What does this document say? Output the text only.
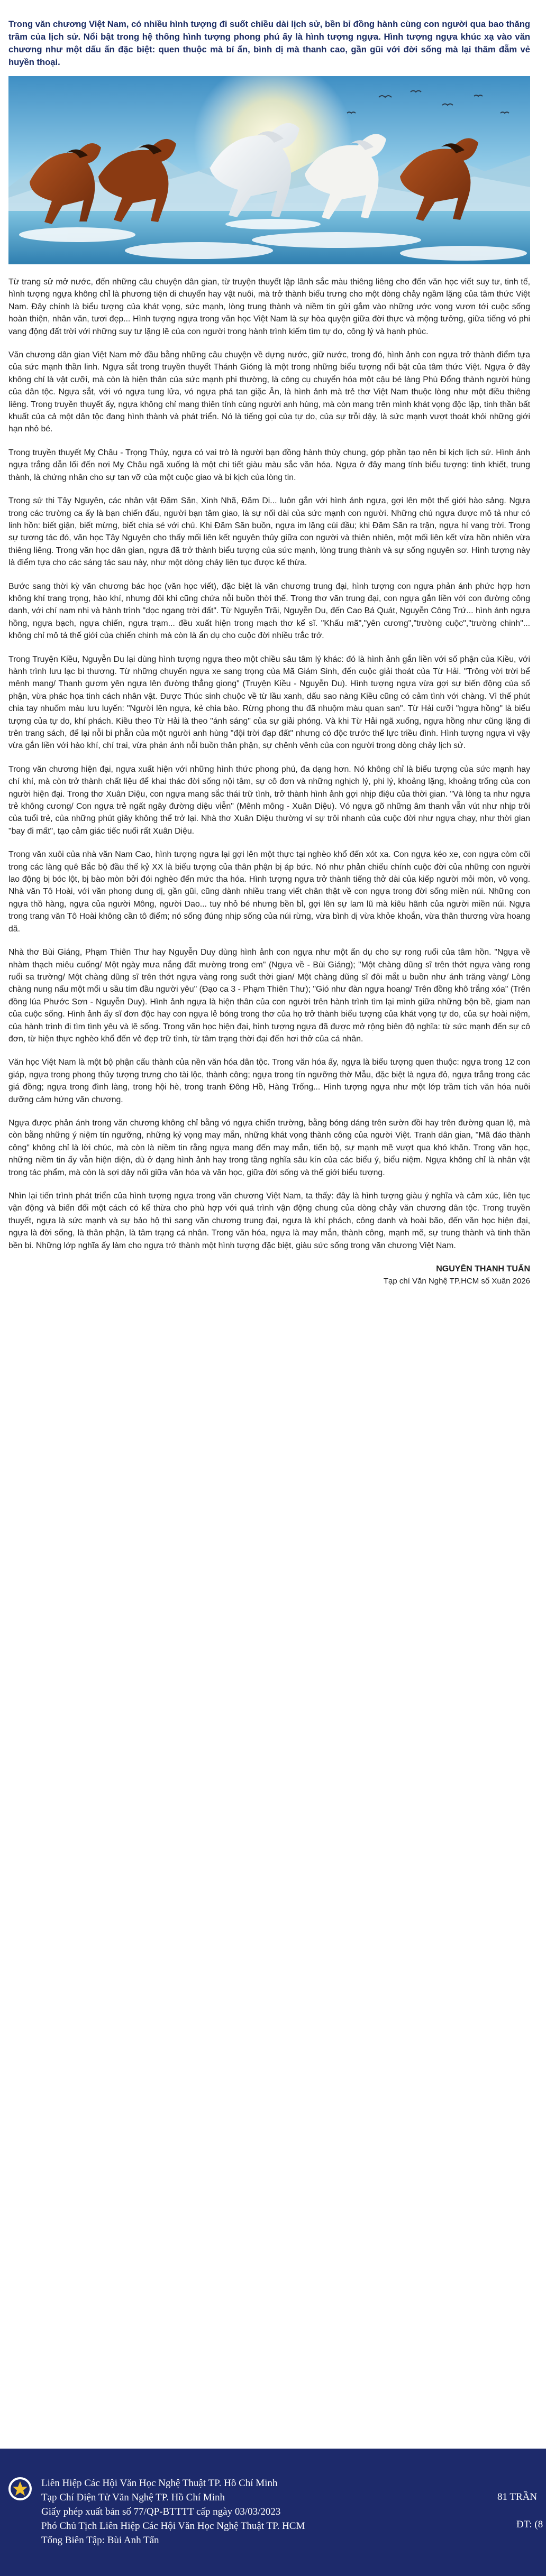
Trong văn chương Việt Nam, có nhiều hình tượng đi suốt chiều dài lịch sử, bền bỉ đồng hành cùng con người qua bao thăng trầm của lịch sử. Nổi bật trong hệ thống hình tượng phong phú ấy là hình tượng ngựa. Hình tượng ngựa khúc xạ vào văn chương như một dấu ấn đặc biệt: quen thuộc mà bí ẩn, bình dị mà thanh cao, gần gũi với đời sống mà lại thăm đẫm vẻ huyền thoại.

Từ trang sử mở nước, đến những câu chuyện dân gian, từ truyện thuyết lập lãnh sắc màu thiêng liêng cho đến văn học viết suy tư, tinh tế, hình tượng ngựa không chỉ là phương tiện di chuyển hay vật nuôi, mà trở thành biểu trưng cho một dòng chảy ngầm lặng của tâm thức Việt Nam. Đây chính là biểu tượng của khát vọng, sức mạnh, lòng trung thành và niềm tin gửi gắm vào những ước vọng vươn tới cuộc sống hoàn thiện, nhân văn, tươi đẹp... Hình tượng ngựa trong văn học Việt Nam là sự hòa quyện giữa đời thực và mộng tưởng, giữa tiếng vó phi vang động đất trời với những suy tư lặng lẽ của con người trong hành trình kiếm tìm tự do, công lý và hạnh phúc.

Văn chương dân gian Việt Nam mở đầu bằng những câu chuyện về dựng nước, giữ nước, trong đó, hình ảnh con ngựa trở thành điểm tựa của sức mạnh thần linh. Ngựa sắt trong truyền thuyết Thánh Gióng là một trong những biểu tượng nổi bật của tâm thức Việt. Ngựa ở đây không chỉ là vật cưỡi, mà còn là hiện thân của sức mạnh phi thường, là công cụ chuyển hóa một cậu bé làng Phù Đổng thành người hùng của dân tộc. Ngựa sắt, với vó ngựa tung lửa, vó ngựa phá tan giặc Ân, là hình ảnh mà trẻ thơ Việt Nam thuộc lòng như một điều thiêng liêng. Trong truyền thuyết ấy, ngựa không chỉ mang thiên tính cùng người anh hùng, mà còn mang trên mình khát vọng độc lập, tinh thần bất khuất của cả một dân tộc đang hình thành và phát triển. Nó là tiếng gọi của tự do, của sự trỗi dậy, là sức mạnh vượt thoát khỏi những giới hạn nhỏ bé.

Trong truyền thuyết Mỵ Châu - Trọng Thủy, ngựa có vai trò là người bạn đồng hành thủy chung, góp phần tạo nên bi kịch lịch sử. Hình ảnh ngựa trắng dẫn lối đến nơi Mỵ Châu ngã xuống là một chi tiết giàu màu sắc văn hóa. Ngựa ở đây mang tính biểu tượng: tinh khiết, trung thành, là chứng nhân cho sự tan vỡ của một cuộc giao và bi kịch của lòng tin.

Trong sử thi Tây Nguyên, các nhân vật Đăm Săn, Xinh Nhã, Đăm Di... luôn gắn với hình ảnh ngựa, gợi lên một thế giới hào sảng. Ngựa trong các trường ca ấy là bạn chiến đấu, người bạn tâm giao, là sự nối dài của sức mạnh con người. Những chú ngựa được mô tả như có linh hồn: biết giận, biết mừng, biết chia sẻ với chủ. Khi Đăm Săn buồn, ngựa im lặng cúi đầu; khi Đăm Săn ra trận, ngựa hí vang trời. Trong sự tương tác đó, văn học Tây Nguyên cho thấy mối liên kết nguyên thủy giữa con người và thiên nhiên, một mối liên kết vừa hồn nhiên vừa thiêng liêng. Trong văn học dân gian, ngựa đã trở thành biểu tượng của sức mạnh, lòng trung thành và sự sống nguyên sơ. Hình tượng này là điểm tựa cho các sáng tác sau này, như một dòng chảy liên tục được kế thừa.

Bước sang thời kỳ văn chương bác học (văn học viết), đặc biệt là văn chương trung đại, hình tượng con ngựa phản ánh phức hợp hơn không khí trang trọng, hào khí, nhưng đôi khi cũng chứa nỗi buồn thời thế. Trong thơ văn trung đại, con ngựa gắn liền với con đường công danh, với chí nam nhi và hành trình "dọc ngang trời đất". Từ Nguyễn Trãi, Nguyễn Du, đến Cao Bá Quát, Nguyễn Công Trứ... hình ảnh ngựa hồng, ngựa bạch, ngựa chiến, ngựa trạm... đều xuất hiện trong mạch thơ kể sĩ. "Khấu mã","yên cương","trường cuộc","trường chinh"... không chỉ mô tả thế giới của chiến chinh mà còn là ẩn dụ cho cuộc đời nhiều trắc trở.

Trong Truyện Kiều, Nguyễn Du lại dùng hình tượng ngựa theo một chiều sâu tâm lý khác: đó là hình ảnh gắn liền với số phận của Kiều, với hành trình lưu lạc bi thương. Từ những chuyến ngựa xe sang trọng của Mã Giám Sinh, đến cuộc giải thoát của Từ Hải. "Trông vời trời bể mênh mang/ Thanh gươm yên ngựa lên đường thẳng giong" (Truyện Kiều - Nguyễn Du). Hình tượng ngựa vừa gợi sự biến động của số phận, vừa phác họa tinh cách nhân vật. Được Thúc sinh chuộc về từ lầu xanh, dấu sao nàng Kiều cũng có cảm tình với chàng. Vì thế phút chia tay nhuốm màu lưu luyến: "Người lên ngựa, kẻ chia bào. Rừng phong thu đã nhuộm màu quan san". Từ Hải cưỡi "ngựa hồng" là biểu tượng của tự do, khí phách. Kiều theo Từ Hải là theo "ánh sáng" của sự giải phóng. Và khi Từ Hải ngã xuống, ngựa hồng như cũng lặng đi trên trang sách, để lại nỗi bi phẫn của một người anh hùng "đội trời đạp đất" nhưng có độc trước thế lực triều đình. Hình tượng ngựa vì vậy vừa gắn liền với hào khí, chí trai, vừa phản ánh nỗi buồn thân phận, sự chênh vênh của con người trong dòng chảy lịch sử.

Trong văn chương hiện đại, ngựa xuất hiện với những hình thức phong phú, đa dạng hơn. Nó không chỉ là biểu tượng của sức mạnh hay chí khí, mà còn trở thành chất liệu để khai thác đời sống nội tâm, sự cô đơn và những nghịch lý, phi lý, khoảng lặng, khoảng trống của con người hiện đại. Trong thơ Xuân Diệu, con ngựa mang sắc thái trữ tình, trở thành hình ảnh gợi nhịp điệu của thời gian. "Và lòng ta như ngựa trẻ không cương/ Con ngựa trẻ ngất ngây đường diệu viễn" (Mênh mông - Xuân Diệu). Vó ngựa gõ những âm thanh vẫn vút như nhịp trôi của tuổi trẻ, của những phút giây không thể trở lại. Nhà thơ Xuân Diệu thường ví sự trôi nhanh của cuộc đời như ngựa chạy, như thời gian "bay đi mất", tạo cảm giác tiếc nuối rất Xuân Diệu.

Trong văn xuôi của nhà văn Nam Cao, hình tượng ngựa lại gợi lên một thực tại nghèo khổ đến xót xa. Con ngựa kéo xe, con ngựa còm cõi trong các làng quê Bắc bộ đầu thế kỷ XX là biểu tượng của thân phận bị áp bức. Nó như phản chiếu chính cuộc đời của những con người lao động bị bóc lột, bị bào mòn bởi đói nghèo đến mức tha hóa. Hình tượng ngựa trở thành tiếng thở dài của kiếp người mỏi mòn, vô vọng. Nhà văn Tô Hoài, với văn phong dung dị, gần gũi, cũng dành nhiều trang viết chân thật về con ngựa trong đời sống miền núi. Những con ngựa thồ hàng, ngựa của người Mông, người Dao... tuy nhỏ bé nhưng bền bỉ, gợi lên sự lam lũ mà kiêu hãnh của người miền núi. Ngựa trong trang văn Tô Hoài không cần tô điểm; nó sống đúng nhịp sống của núi rừng, vừa bình dị vừa khỏe khoắn, vừa thân thương vừa hoang dã.

Nhà thơ Bùi Giáng, Phạm Thiên Thư hay Nguyễn Duy dùng hình ảnh con ngựa như một ẩn dụ cho sự rong ruổi của tâm hồn. "Ngựa về nhàm thạch miêu cuống/ Một ngày mưa nắng đất mường trong em" (Ngựa về - Bùi Giáng); "Một chàng dũng sĩ trên thớt ngựa vàng rong ruổi sa trường/ Một chàng dũng sĩ trên thớt ngựa vàng rong suốt thời gian/ Một chàng dũng sĩ đôi mắt u buồn như ánh trăng vàng/ Lòng chàng nung nấu một mối u sầu tím đầu người yêu" (Đạo ca 3 - Phạm Thiên Thư); "Gió như đàn ngựa hoang/ Trên đồng khô trắng xóa" (Trên đồng lúa Phước Sơn - Nguyễn Duy). Hình ảnh ngựa là hiện thân của con người trên hành trình tìm lại mình giữa những bộn bề, giam nan của cuộc sống. Hình ảnh ấy sĩ đơn độc hay con ngựa lẻ bóng trong thơ của họ trở thành biểu tượng của khát vọng tự do, của sự hoài niệm, của hành trình đi tìm tình yêu và lẽ sống. Trong văn học hiện đại, hình tượng ngựa đã được mở rộng biên độ nghĩa: từ sức mạnh đến sự cô đơn, từ hiện thực nghèo khổ đến vẻ đẹp trữ tình, từ tâm trạng thời đại đến hơi thở của cá nhân.

Văn học Việt Nam là một bộ phận cấu thành của nền văn hóa dân tộc. Trong văn hóa ấy, ngựa là biểu tượng quen thuộc: ngựa trong 12 con giáp, ngựa trong phong thủy tượng trưng cho tài lộc, thành công; ngựa trong tín ngưỡng thờ Mẫu, đặc biệt là ngựa đỏ, ngựa trắng trong các giá đồng; ngựa trong đình làng, trong hội hè, trong tranh Đông Hồ, Hàng Trống... Hình tượng ngựa như một lớp trầm tích văn hóa nuôi dưỡng cảm hứng văn chương.

Ngựa được phản ánh trong văn chương không chỉ bằng vó ngựa chiến trường, bằng bóng dáng trên sườn đồi hay trên đường quan lộ, mà còn bằng những ý niệm tín ngưỡng, những ký vọng may mắn, những khát vọng thành công của người Việt. Tranh dân gian, "Mã đáo thành công" không chỉ là lời chúc, mà còn là niềm tin rằng ngựa mang đến may mắn, tiến bộ, sự mạnh mẽ vượt qua khó khăn. Trong văn học, những niềm tin ấy vẫn hiện diện, dù ở dạng hình ảnh hay trong tầng nghĩa sâu kín của các biểu ý, biểu niệm. Ngựa không chỉ là nhân vật trong tác phẩm, mà còn là sợi dây nối giữa văn hóa và văn học, giữa đời sống và thế giới biểu tượng.

Nhìn lại tiến trình phát triển của hình tượng ngựa trong văn chương Việt Nam, ta thấy: đây là hình tượng giàu ý nghĩa và cảm xúc, liên tục vận động và biến đổi một cách có kế thừa cho phù hợp với quá trình vận động chung của dòng chảy văn chương dân tộc. Trong truyền thuyết, ngựa là sức mạnh và sự bảo hộ thì sang văn chương trung đại, ngựa là khí phách, công danh và hoài bão, đến văn học hiện đại, ngựa là đời sống, là thân phận, là tâm trạng cá nhân. Trong văn hóa, ngựa là may mắn, thành công, mạnh mẽ, sự trung thành và tinh thần bền bỉ. Những lớp nghĩa ấy làm cho ngựa trở thành một hình tượng đặc biệt, giàu sức sống trong văn chương Việt Nam.

NGUYỄN THANH TUẤN
Tạp chí Văn Nghệ TP.HCM số Xuân 2026
Liên Hiệp Các Hội Văn Học Nghệ Thuật TP. Hồ Chí Minh
Tạp Chí Điện Tử Văn Nghệ TP. Hồ Chí Minh
Giấy phép xuất bản số 77/QP-BTTTT cấp ngày 03/03/2023
Phó Chủ Tịch Liên Hiệp Các Hội Văn Học Nghệ Thuật TP. HCM
Tổng Biên Tập: Bùi Anh Tấn
81 TRẦN
ĐT: (8
